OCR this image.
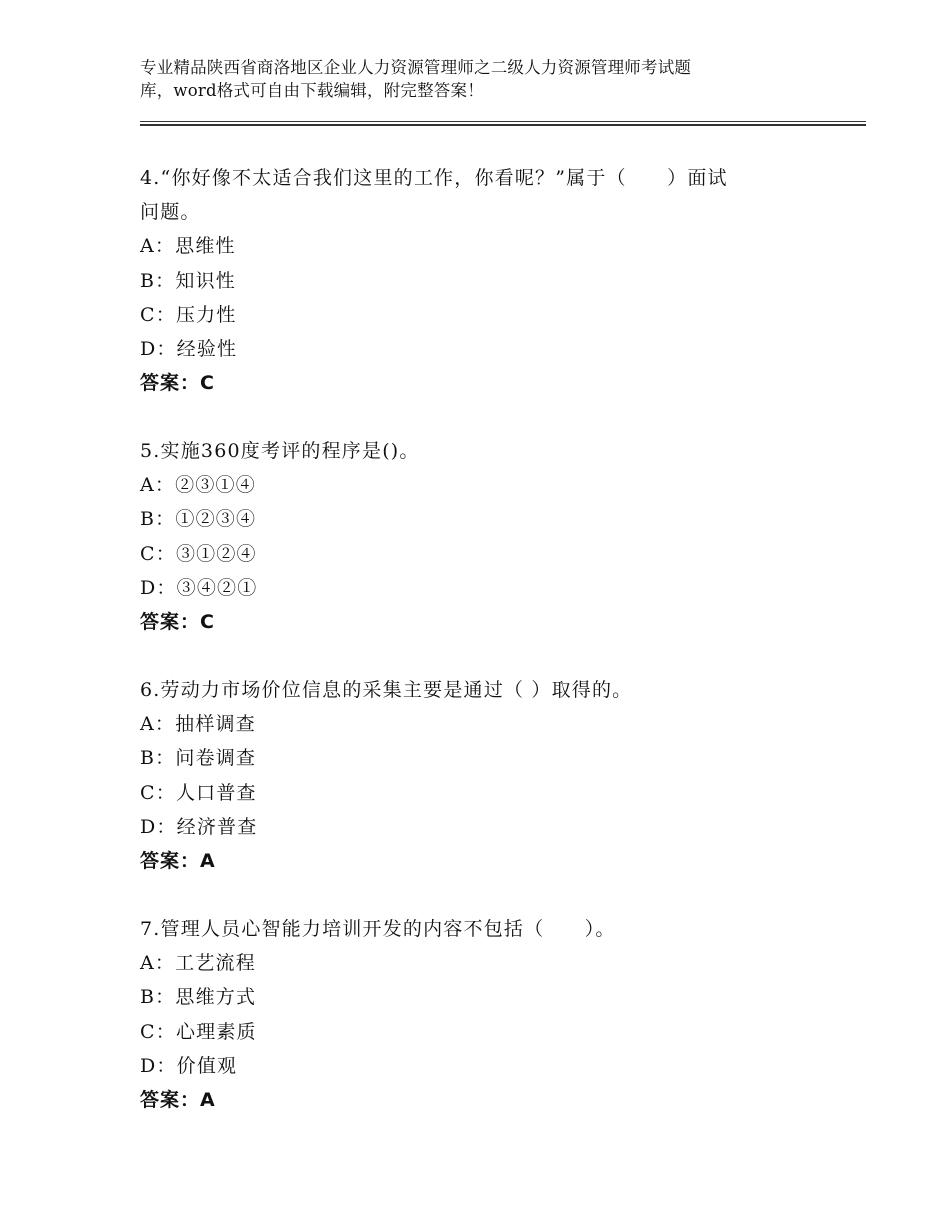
专业精品陕西省商洛地区企业人力资源管理师之二级人力资源管理师考试题
库，word格式可自由下载编辑，附完整答案！
4.“你好像不太适合我们这里的工作，你看呢？”属于（　　）面试
问题。
A：思维性
B：知识性
C：压力性
D：经验性
答案：C
5.实施360度考评的程序是()。
A：②③①④
B：①②③④
C：③①②④
D：③④②①
答案：C
6.劳动力市场价位信息的采集主要是通过（ ）取得的。
A：抽样调查
B：问卷调查
C：人口普查
D：经济普查
答案：A
7.管理人员心智能力培训开发的内容不包括（　　）。
A：工艺流程
B：思维方式
C：心理素质
D：价值观
答案：A
